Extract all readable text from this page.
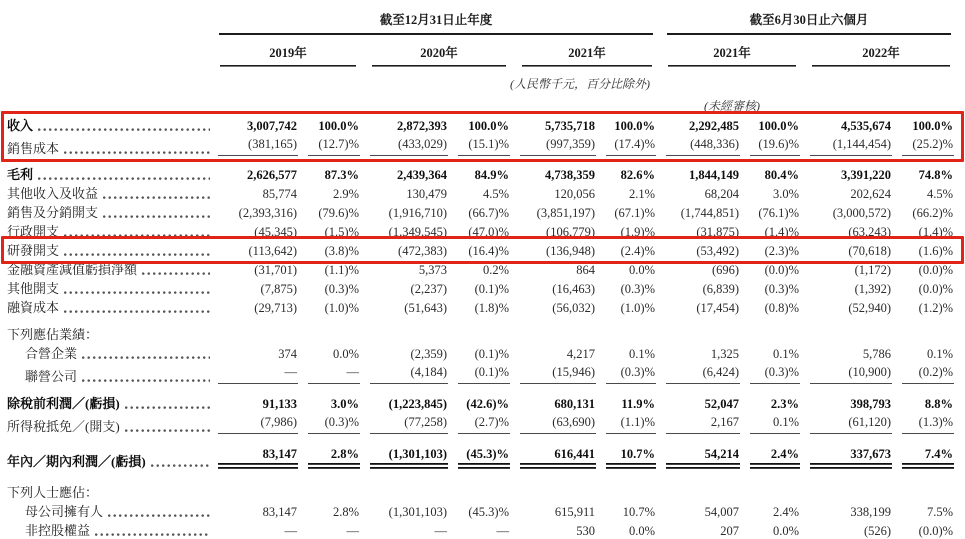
	截至12月31日止年度						截至6月30日止六個月			
	2019年		2020年		2021年		2021年		2022年	
	(人民幣千元，百分比除外)									
							(未經審核)			

收入	3,007,742	100.0%	2,872,393	100.0%	5,735,718	100.0%	2,292,485	100.0%	4,535,674	100.0%

銷售成本	(381,165)	(12.7)%	(433,029)	(15.1)%	(997,359)	(17.4)%	(448,336)	(19.6)%	(1,144,454)	(25.2)%

毛利	2,626,577	87.3%	2,439,364	84.9%	4,738,359	82.6%	1,844,149	80.4%	3,391,220	74.8%

其他收入及收益	85,774	2.9%	130,479	4.5%	120,056	2.1%	68,204	3.0%	202,624	4.5%

銷售及分銷開支	(2,393,316)	(79.6)%	(1,916,710)	(66.7)%	(3,851,197)	(67.1)%	(1,744,851)	(76.1)%	(3,000,572)	(66.2)%

行政開支	(45,345)	(1.5)%	(1,349,545)	(47.0)%	(106,779)	(1.9)%	(31,875)	(1.4)%	(63,243)	(1.4)%

研發開支	(113,642)	(3.8)%	(472,383)	(16.4)%	(136,948)	(2.4)%	(53,492)	(2.3)%	(70,618)	(1.6)%

金融資產減值虧損淨額	(31,701)	(1.1)%	5,373	0.2%	864	0.0%	(696)	(0.0)%	(1,172)	(0.0)%

其他開支	(7,875)	(0.3)%	(2,237)	(0.1)%	(16,463)	(0.3)%	(6,839)	(0.3)%	(1,392)	(0.0)%

融資成本	(29,713)	(1.0)%	(51,643)	(1.8)%	(56,032)	(1.0)%	(17,454)	(0.8)%	(52,940)	(1.2)%

下列應佔業績：										

合營企業	374	0.0%	(2,359)	(0.1)%	4,217	0.1%	1,325	0.1%	5,786	0.1%

聯營公司	—	—	(4,184)	(0.1)%	(15,946)	(0.3)%	(6,424)	(0.3)%	(10,900)	(0.2)%

除稅前利潤／(虧損)	91,133	3.0%	(1,223,845)	(42.6)%	680,131	11.9%	52,047	2.3%	398,793	8.8%

所得稅抵免／(開支)	(7,986)	(0.3)%	(77,258)	(2.7)%	(63,690)	(1.1)%	2,167	0.1%	(61,120)	(1.3)%

年內／期內利潤／(虧損)	83,147	2.8%	(1,301,103)	(45.3)%	616,441	10.7%	54,214	2.4%	337,673	7.4%

下列人士應佔：										

母公司擁有人	83,147	2.8%	(1,301,103)	(45.3)%	615,911	10.7%	54,007	2.4%	338,199	7.5%

非控股權益	—	—	—	—	530	0.0%	207	0.0%	(526)	(0.0)%
